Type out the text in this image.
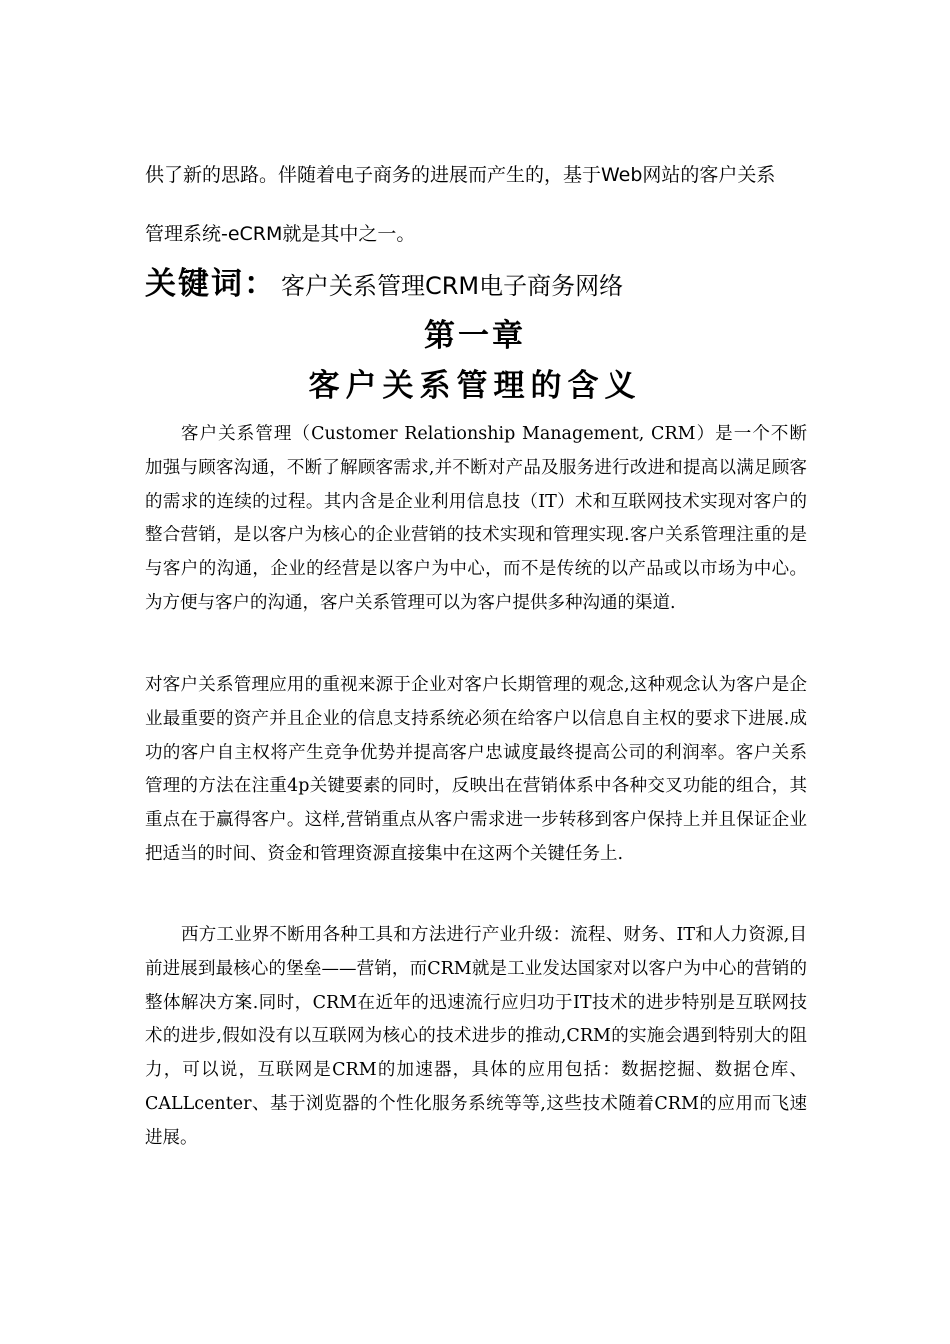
供了新的思路。伴随着电子商务的进展而产生的，基于Web网站的客户关系
管理系统-eCRM就是其中之一。
关键词： 客户关系管理CRM电子商务网络
第一章
客户关系管理的含义

客户关系管理（Customer Relationship Management, CRM）是一个不断加强与顾客沟通，不断了解顾客需求,并不断对产品及服务进行改进和提高以满足顾客的需求的连续的过程。其内含是企业利用信息技（IT）术和互联网技术实现对客户的整合营销，是以客户为核心的企业营销的技术实现和管理实现.客户关系管理注重的是与客户的沟通，企业的经营是以客户为中心，而不是传统的以产品或以市场为中心。为方便与客户的沟通，客户关系管理可以为客户提供多种沟通的渠道.

对客户关系管理应用的重视来源于企业对客户长期管理的观念,这种观念认为客户是企业最重要的资产并且企业的信息支持系统必须在给客户以信息自主权的要求下进展.成功的客户自主权将产生竞争优势并提高客户忠诚度最终提高公司的利润率。客户关系管理的方法在注重4p关键要素的同时，反映出在营销体系中各种交叉功能的组合，其重点在于赢得客户。这样,营销重点从客户需求进一步转移到客户保持上并且保证企业把适当的时间、资金和管理资源直接集中在这两个关键任务上.

西方工业界不断用各种工具和方法进行产业升级：流程、财务、IT和人力资源,目前进展到最核心的堡垒——营销，而CRM就是工业发达国家对以客户为中心的营销的整体解决方案.同时，CRM在近年的迅速流行应归功于IT技术的进步特别是互联网技术的进步,假如没有以互联网为核心的技术进步的推动,CRM的实施会遇到特别大的阻力，可以说，互联网是CRM的加速器，具体的应用包括：数据挖掘、数据仓库、CALLcenter、基于浏览器的个性化服务系统等等,这些技术随着CRM的应用而飞速进展。
